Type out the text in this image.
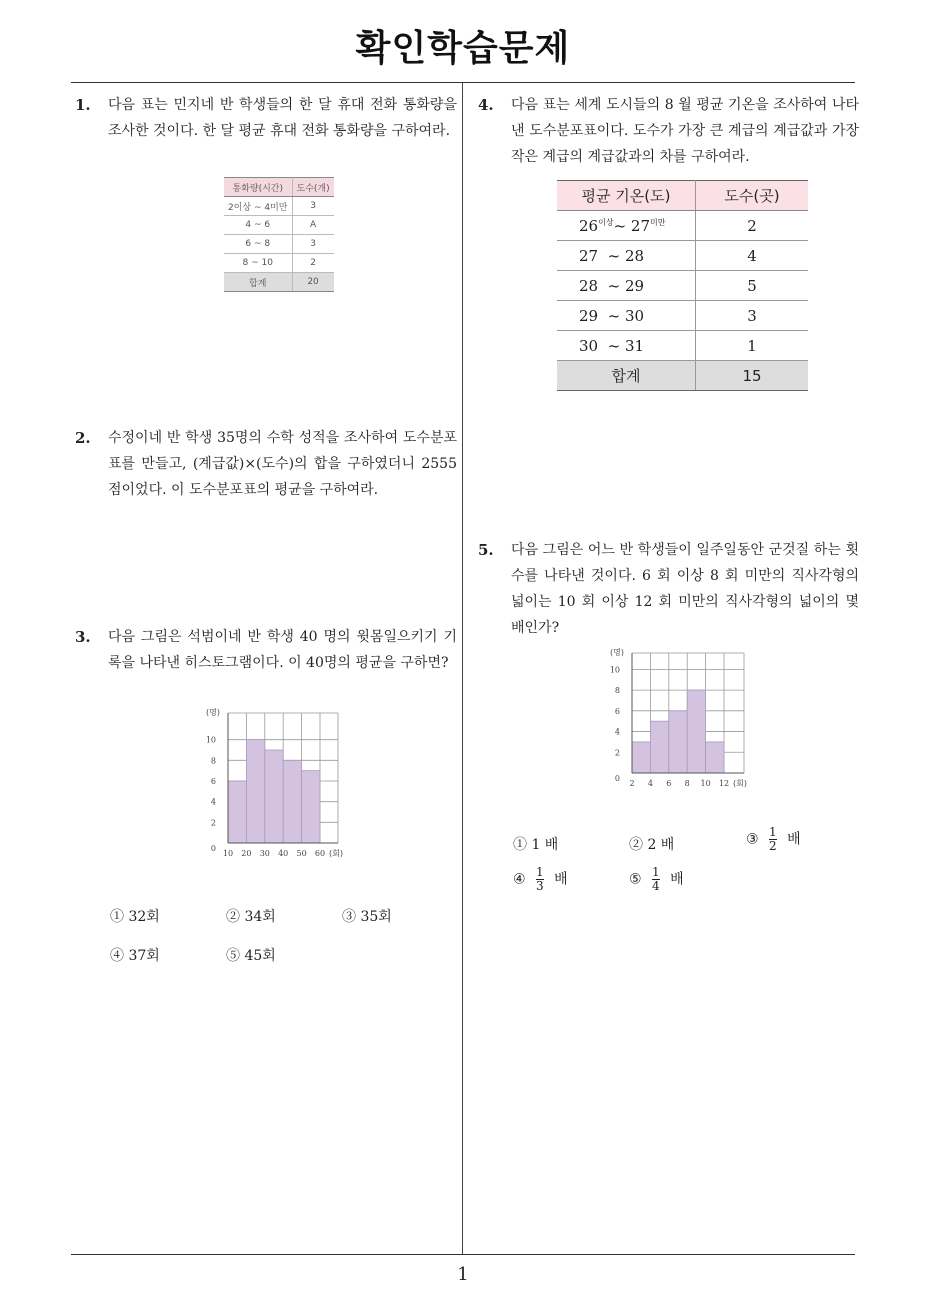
확인학습문제
1. 다음 표는 민지네 반 학생들의 한 달 휴대 전화 통화량을 조사한 것이다. 한 달 평균 휴대 전화 통화량을 구하여라.
통화량(시간)	도수(개)
2이상 ~ 4미만	3
4 ~ 6	A
6 ~ 8	3
8 ~ 10	2
합계	20
2. 수정이네 반 학생 35명의 수학 성적을 조사하여 도수분포표를 만들고, (계급값)×(도수)의 합을 구하였더니 2555점이었다. 이 도수분포표의 평균을 구하여라.
3. 다음 그림은 석범이네 반 학생 40 명의 윗몸일으키기 기록을 나타낸 히스토그램이다. 이 40명의 평균을 구하면?
0
2
4
6
8
10
10 20 30 40 50 60 (회)
(명)
① 32회	② 34회	③ 35회
④ 37회	⑤ 45회
4. 다음 표는 세계 도시들의 8 월 평균 기온을 조사하여 나타낸 도수분포표이다. 도수가 가장 큰 계급의 계급값과 가장 작은 계급의 계급값과의 차를 구하여라.
평균 기온(도)	도수(곳)
$26^{이상}\sim$ $27^{미만}$	2
27  ~ 28	4
28  ~ 29	5
29  ~ 30	3
30  ~ 31	1
합계	15
5. 다음 그림은 어느 반 학생들이 일주일동안 군것질 하는 횟수를 나타낸 것이다. 6 회 이상 8 회 미만의 직사각형의 넓이는 10 회 이상 12 회 미만의 직사각형의 넓이의 몇 배인가?
0
2
4
6
8
10
2 4 6 8 10 12 (회)
(명)
① 1 배	② 2 배	③ $\frac{1}{2}$ 배
④ $\frac{1}{3}$ 배	⑤ $\frac{1}{4}$ 배
1
